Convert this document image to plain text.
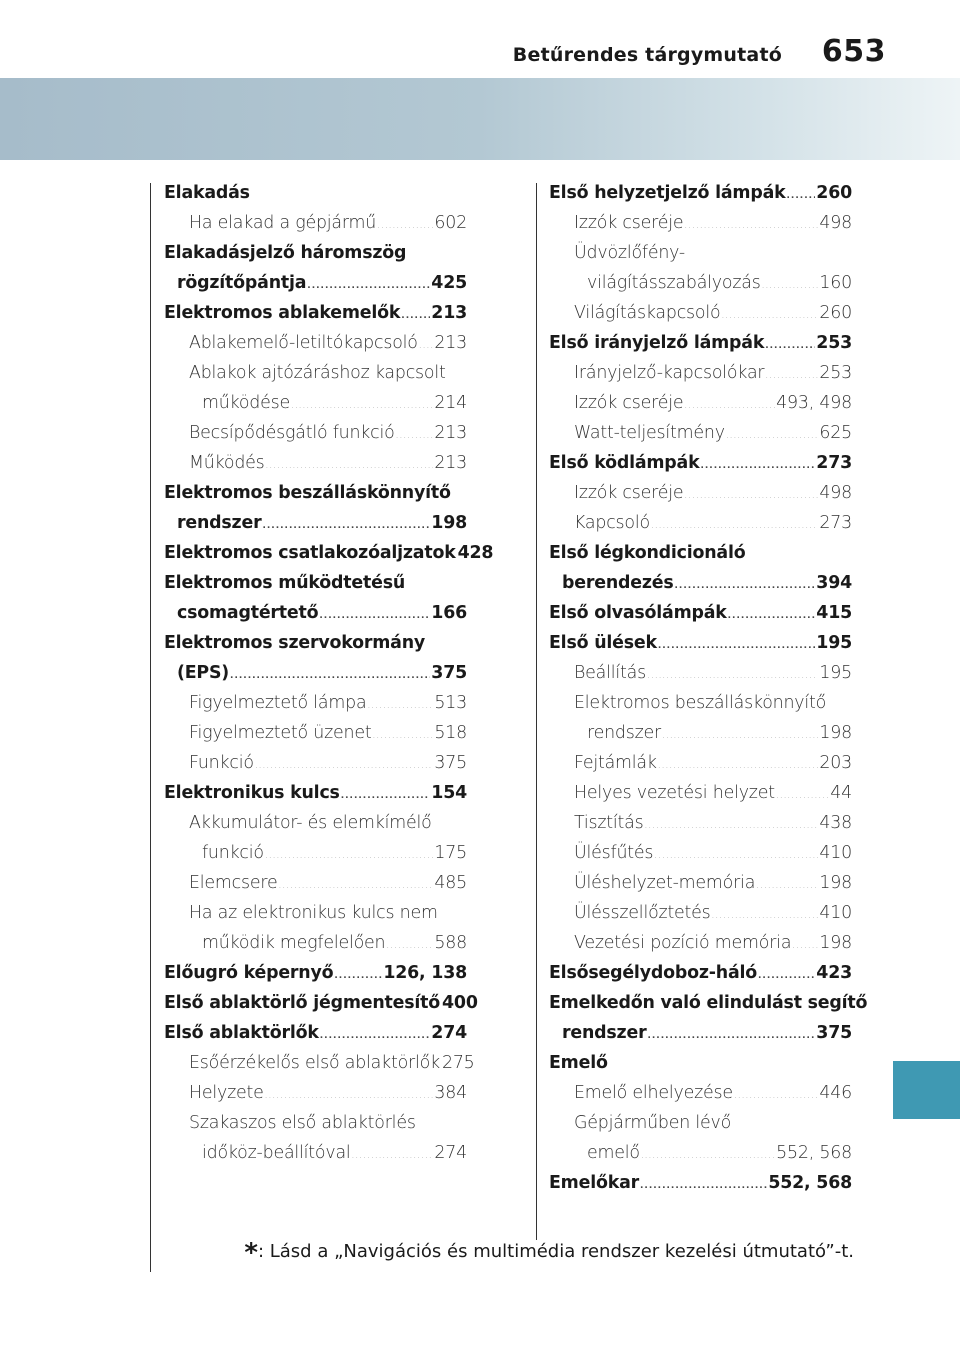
Betűrendes tárgymutató 653
Elakadás
Ha elakad a gépjármű .....	602
Elakadásjelző háromszög
rögzítőpántja .....	425
Elektromos ablakemelők ..... 213
Ablakemelő-letiltókapcsoló ..... 213
Ablakok ajtózáráshoz kapcsolt
működése .....	214
Becsípődésgátló funkció ..... 213
Működés .....	213
Elektromos beszálláskönnyítő
rendszer .....	198
Elektromos csatlakozóaljzatok 428
Elektromos működtetésű
csomagtértető .....	166
Elektromos szervokormány
(EPS) .....	375
Figyelmeztető lámpa .....	513
Figyelmeztető üzenet .....	518
Funkció .....	375
Elektronikus kulcs .....	154
Akkumulátor- és elemkímélő
funkció .....	175
Elemcsere .....	485
Ha az elektronikus kulcs nem
működik megfelelően .....	588
Előugró képernyő .....	126, 138
Első ablaktörlő jégmentesítő 400
Első ablaktörlők .....	274
Esőérzékelős első ablaktörlők 275
Helyzete .....	384
Szakaszos első ablaktörlés
időköz-beállítóval .....	274
Első helyzetjelző lámpák ..... 260
Izzók cseréje .....	498
Üdvözlőfény-
világításszabályozás .....	160
Világításkapcsoló .....	260
Első irányjelző lámpák .....	253
Irányjelző-kapcsolókar .....	253
Izzók cseréje .....	493, 498
Watt-teljesítmény .....	625
Első ködlámpák .....	273
Izzók cseréje .....	498
Kapcsoló .....	273
Első légkondicionáló
berendezés .....	394
Első olvasólámpák .....	415
Első ülések .....	195
Beállítás .....	195
Elektromos beszálláskönnyítő
rendszer .....	198
Fejtámlák .....	203
Helyes vezetési helyzet .....	44
Tisztítás .....	438
Ülésfűtés .....	410
Üléshelyzet-memória .....	198
Ülésszellőztetés .....	410
Vezetési pozíció memória ..... 198
Elsősegélydoboz-háló .....	423
Emelkedőn való elindulást segítő
rendszer .....	375
Emelő
Emelő elhelyezése .....	446
Gépjárműben lévő
emelő .....	552, 568
Emelőkar .....	552, 568
*: Lásd a „Navigációs és multimédia rendszer kezelési útmutató”-t.
